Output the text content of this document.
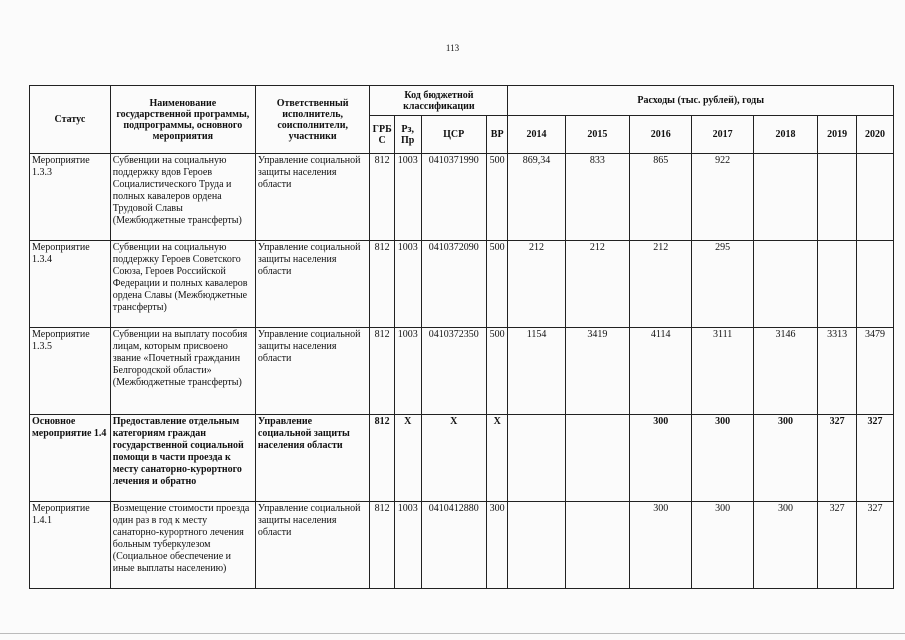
113
Статус	Наименование государственной программы, подпрограммы, основного мероприятия	Ответственный исполнитель, соисполнители, участники	Код бюджетной классификации				Расходы (тыс. рублей), годы						
			ГРБ С	Рз, Пр	ЦСР	ВР	2014	2015	2016	2017	2018	2019	2020
Мероприятие 1.3.3	Субвенции на социальную поддержку вдов Героев Социалистического Труда и полных кавалеров ордена Трудовой Славы (Межбюджетные трансферты)	Управление социальной защиты населения области	812	1003	0410371990	500	869,34	833	865	922			
Мероприятие 1.3.4	Субвенции на социальную поддержку Героев Советского Союза, Героев Российской Федерации и полных кавалеров ордена Славы (Межбюджетные трансферты)	Управление социальной защиты населения области	812	1003	0410372090	500	212	212	212	295			
Мероприятие 1.3.5	Субвенции на выплату пособия лицам, которым присвоено звание «Почетный гражданин Белгородской области» (Межбюджетные трансферты)	Управление социальной защиты населения области	812	1003	0410372350	500	1154	3419	4114	3111	3146	3313	3479
Основное мероприятие 1.4	Предоставление отдельным категориям граждан государственной социальной помощи в части проезда к месту санаторно-курортного лечения и обратно	Управление социальной защиты населения области	812	Х	Х	Х			300	300	300	327	327
Мероприятие 1.4.1	Возмещение стоимости проезда один раз в год к месту санаторно-курортного лечения больным туберкулезом (Социальное обеспечение и иные выплаты населению)	Управление социальной защиты населения области	812	1003	0410412880	300			300	300	300	327	327
